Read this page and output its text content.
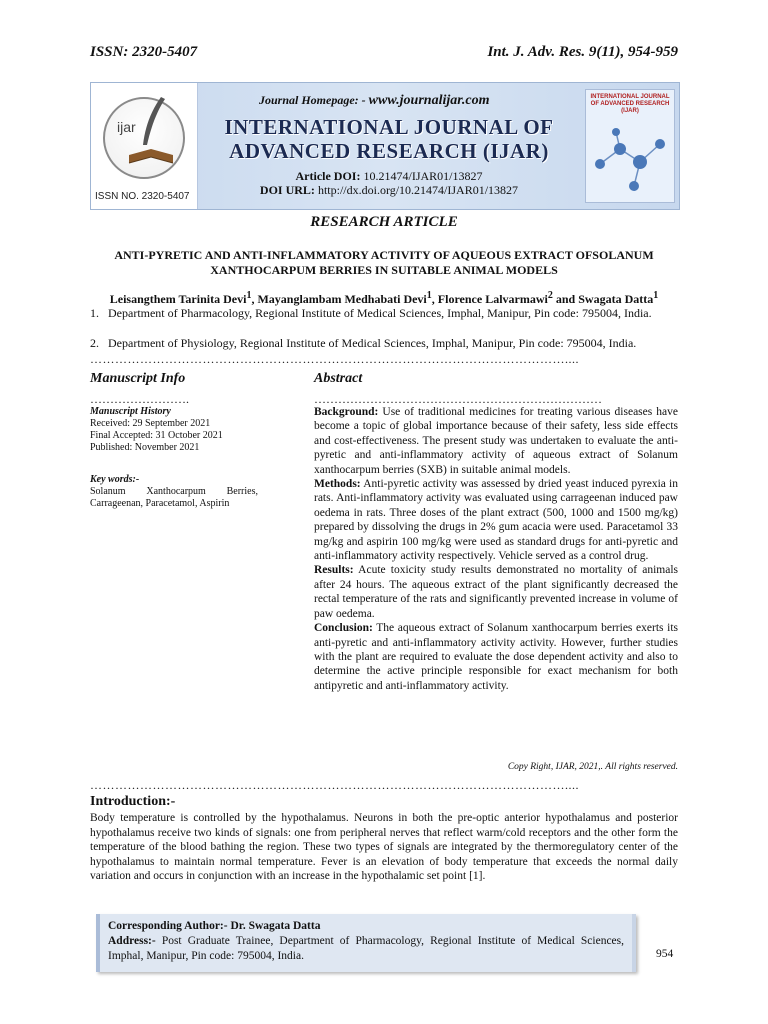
ISSN: 2320-5407	Int. J. Adv. Res. 9(11), 954-959
ijar
ISSN NO. 2320-5407
Journal Homepage: - www.journalijar.com
INTERNATIONAL JOURNAL OF
ADVANCED RESEARCH (IJAR)
Article DOI: 10.21474/IJAR01/13827
DOI URL: http://dx.doi.org/10.21474/IJAR01/13827
INTERNATIONAL JOURNAL OF ADVANCED RESEARCH (IJAR)
RESEARCH ARTICLE
ANTI-PYRETIC AND ANTI-INFLAMMATORY ACTIVITY OF AQUEOUS EXTRACT OFSOLANUM
XANTHOCARPUM BERRIES IN SUITABLE ANIMAL MODELS
Leisangthem Tarinita Devi$^1$, Mayanglambam Medhabati Devi$^1$, Florence Lalvarmawi$^2$ and Swagata Datta$^1$
1. Department of Pharmacology, Regional Institute of Medical Sciences, Imphal, Manipur, Pin code: 795004, India.
2. Department of Physiology, Regional Institute of Medical Sciences, Imphal, Manipur, Pin code: 795004, India.
……………………………………………………………………………………………………....
Manuscript Info
…………………….
Manuscript History
Received: 29 September 2021
Final Accepted: 31 October 2021
Published: November 2021
Key words:-
Solanum Xanthocarpum Berries,
Carrageenan, Paracetamol, Aspirin
Abstract
………………………………………………………………

Background: Use of traditional medicines for treating various diseases have become a topic of global importance because of their safety, less side effects and cost-effectiveness. The present study was undertaken to evaluate the anti-pyretic and anti-inflammatory activity of aqueous extract of Solanum xanthocarpum berries (SXB) in suitable animal models.

Methods: Anti-pyretic activity was assessed by dried yeast induced pyrexia in rats. Anti-inflammatory activity was evaluated using carrageenan induced paw oedema in rats. Three doses of the plant extract (500, 1000 and 1500 mg/kg) prepared by dissolving the drugs in 2% gum acacia were used. Paracetamol 33 mg/kg and aspirin 100 mg/kg were used as standard drugs for anti-pyretic and anti-inflammatory activity respectively. Vehicle served as a control drug.

Results: Acute toxicity study results demonstrated no mortality of animals after 24 hours. The aqueous extract of the plant significantly decreased the rectal temperature of the rats and significantly prevented increase in volume of paw oedema.

Conclusion: The aqueous extract of Solanum xanthocarpum berries exerts its anti-pyretic and anti-inflammatory activity activity. However, further studies with the plant are required to evaluate the dose dependent activity and also to determine the active principle responsible for exact mechanism for both antipyretic and anti-inflammatory activity.

Copy Right, IJAR, 2021,. All rights reserved.
……………………………………………………………………………………………………....
Introduction:-
Body temperature is controlled by the hypothalamus. Neurons in both the pre-optic anterior hypothalamus and posterior hypothalamus receive two kinds of signals: one from peripheral nerves that reflect warm/cold receptors and the other form the temperature of the blood bathing the region. These two types of signals are integrated by the thermoregulatory center of the hypothalamus to maintain normal temperature. Fever is an elevation of body temperature that exceeds the normal daily variation and occurs in conjunction with an increase in the hypothalamic set point [1].
Corresponding Author:- Dr. Swagata Datta
Address:- Post Graduate Trainee, Department of Pharmacology, Regional Institute of Medical Sciences, Imphal, Manipur, Pin code: 795004, India.	954
